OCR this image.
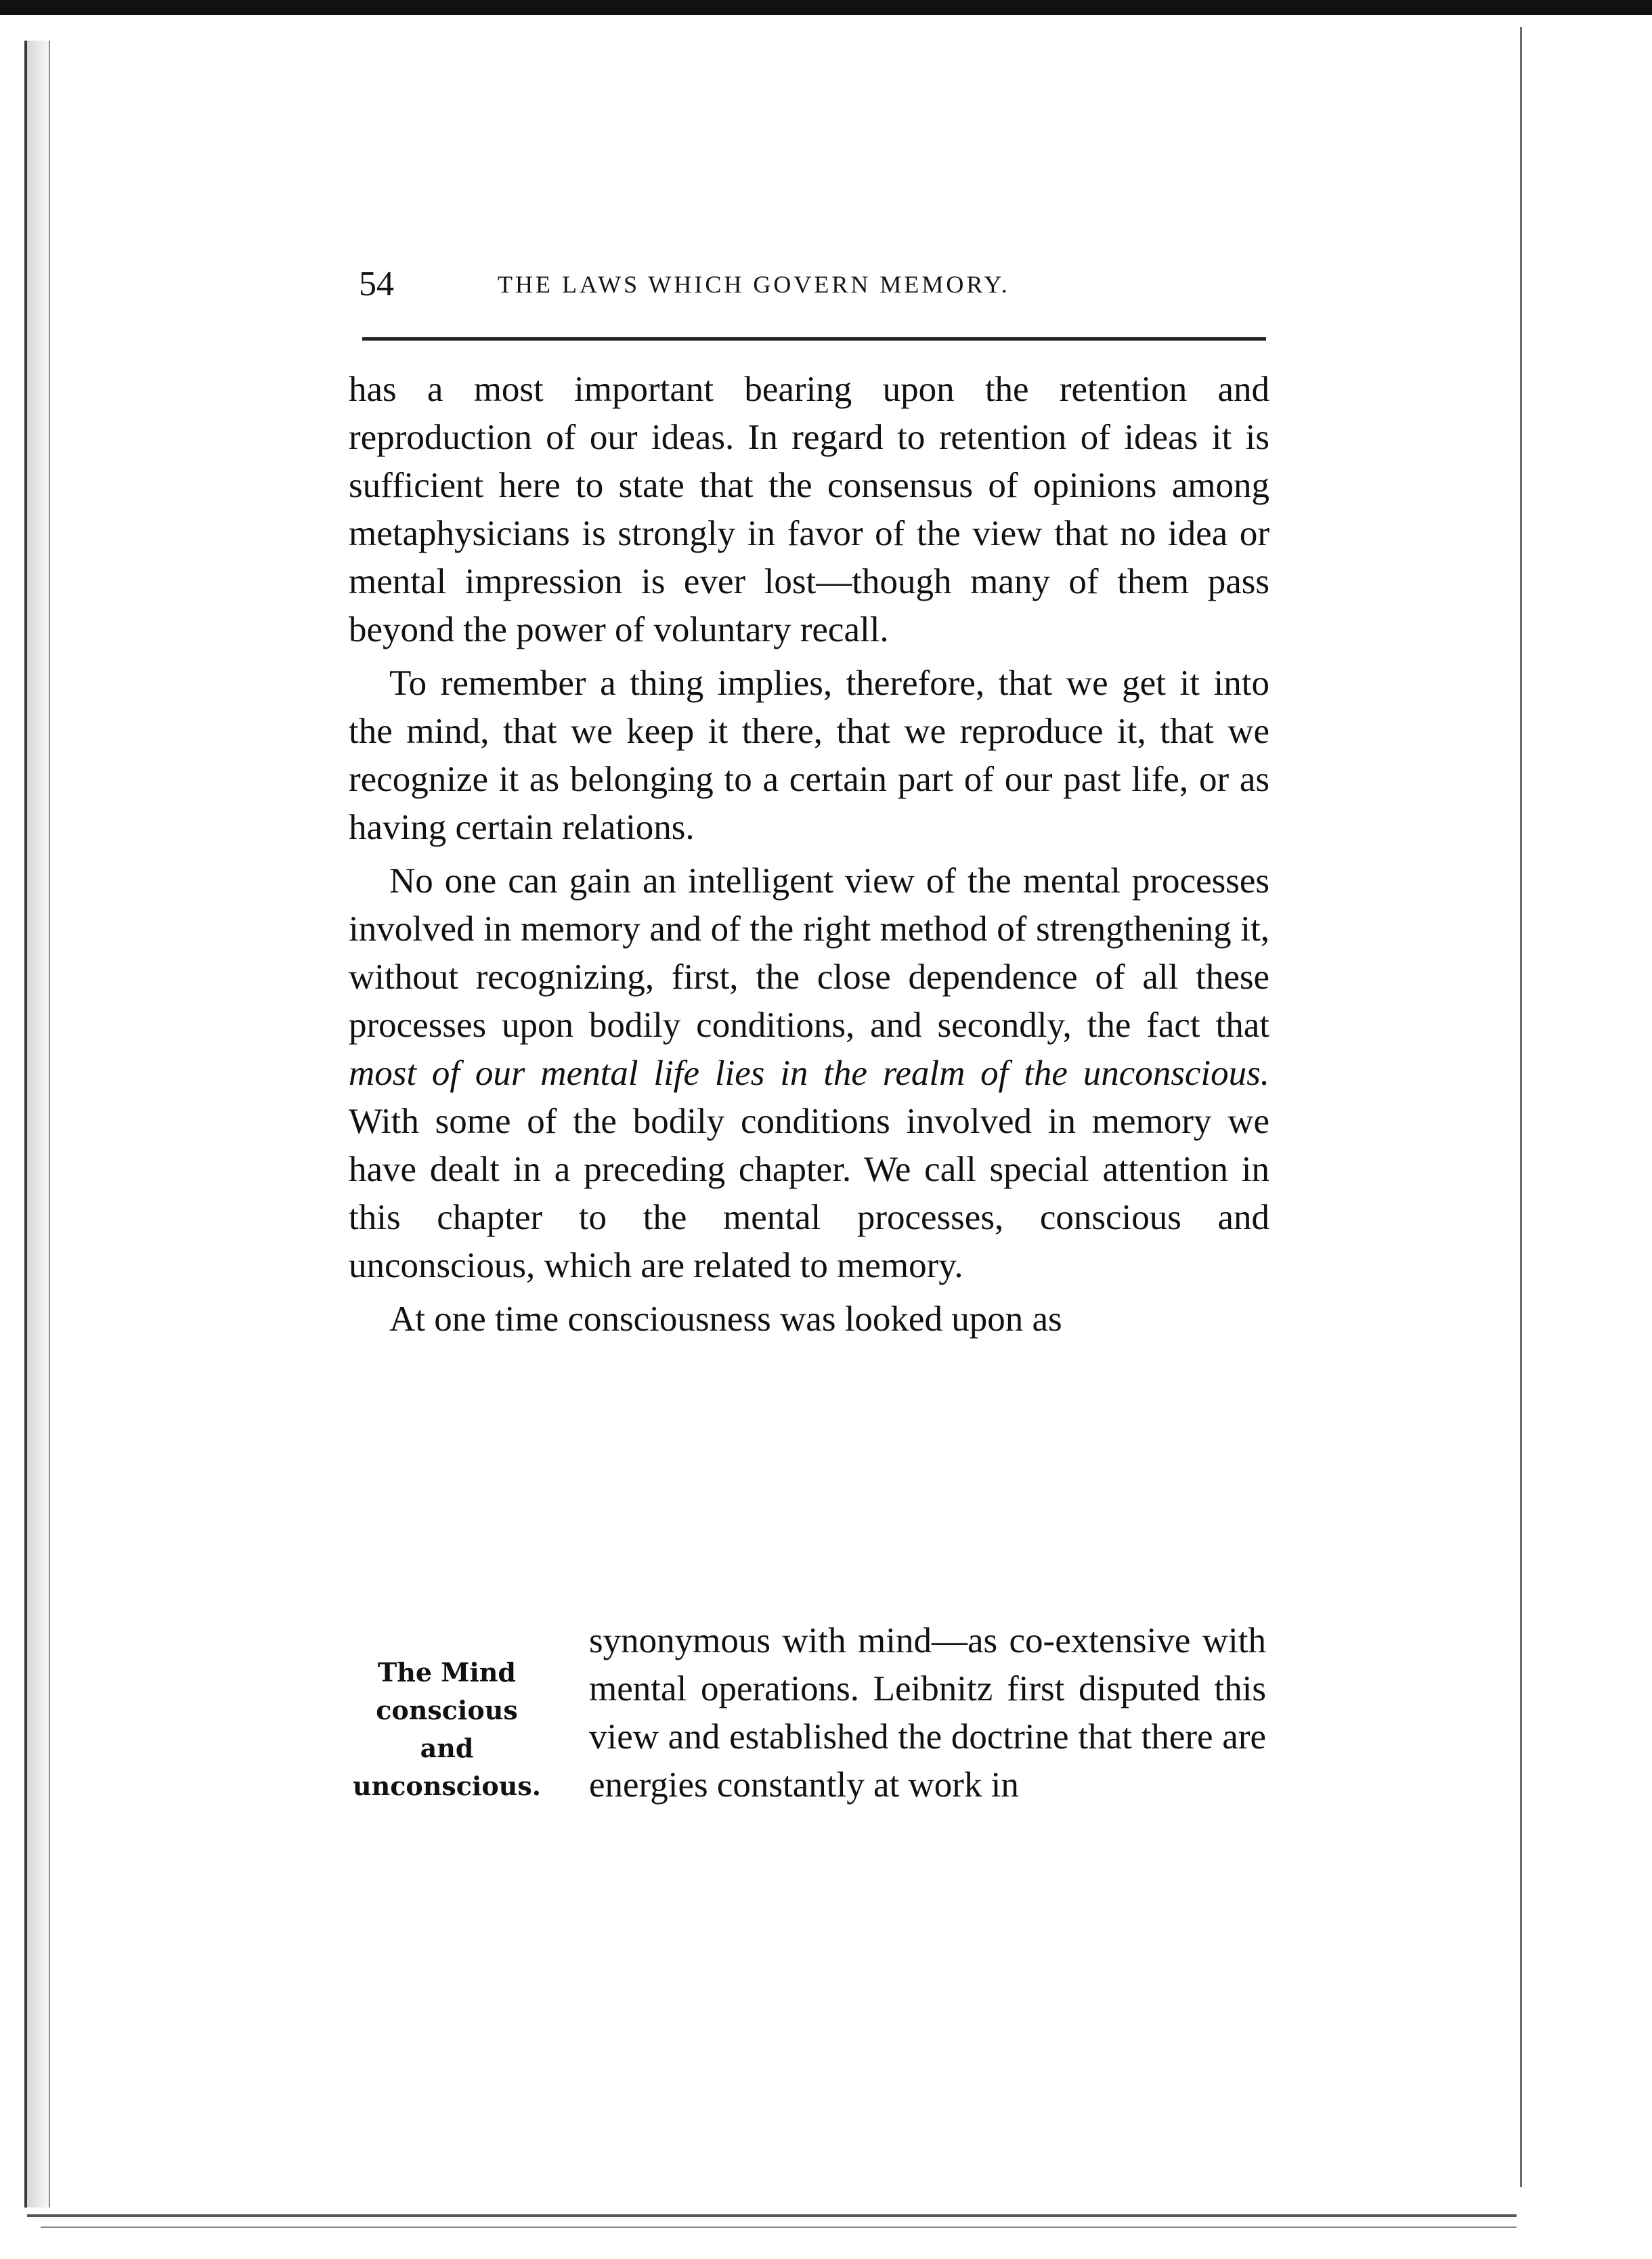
54	THE LAWS WHICH GOVERN MEMORY.

has a most important bearing upon the retention and reproduction of our ideas. In regard to retention of ideas it is sufficient here to state that the consensus of opinions among metaphysicians is strongly in favor of the view that no idea or mental impression is ever lost—though many of them pass beyond the power of voluntary recall.

To remember a thing implies, therefore, that we get it into the mind, that we keep it there, that we reproduce it, that we recognize it as belonging to a certain part of our past life, or as having certain relations.

No one can gain an intelligent view of the mental processes involved in memory and of the right method of strengthening it, without recognizing, first, the close dependence of all these processes upon bodily conditions, and secondly, the fact that most of our mental life lies in the realm of the unconscious. With some of the bodily conditions involved in memory we have dealt in a preceding chapter. We call special attention in this chapter to the mental processes, conscious and unconscious, which are related to memory.

At one time consciousness was looked upon as

The Mind
conscious
and
unconscious.

synonymous with mind—as co-extensive with mental operations. Leibnitz first disputed this view and established the doctrine that there are energies constantly at work in
